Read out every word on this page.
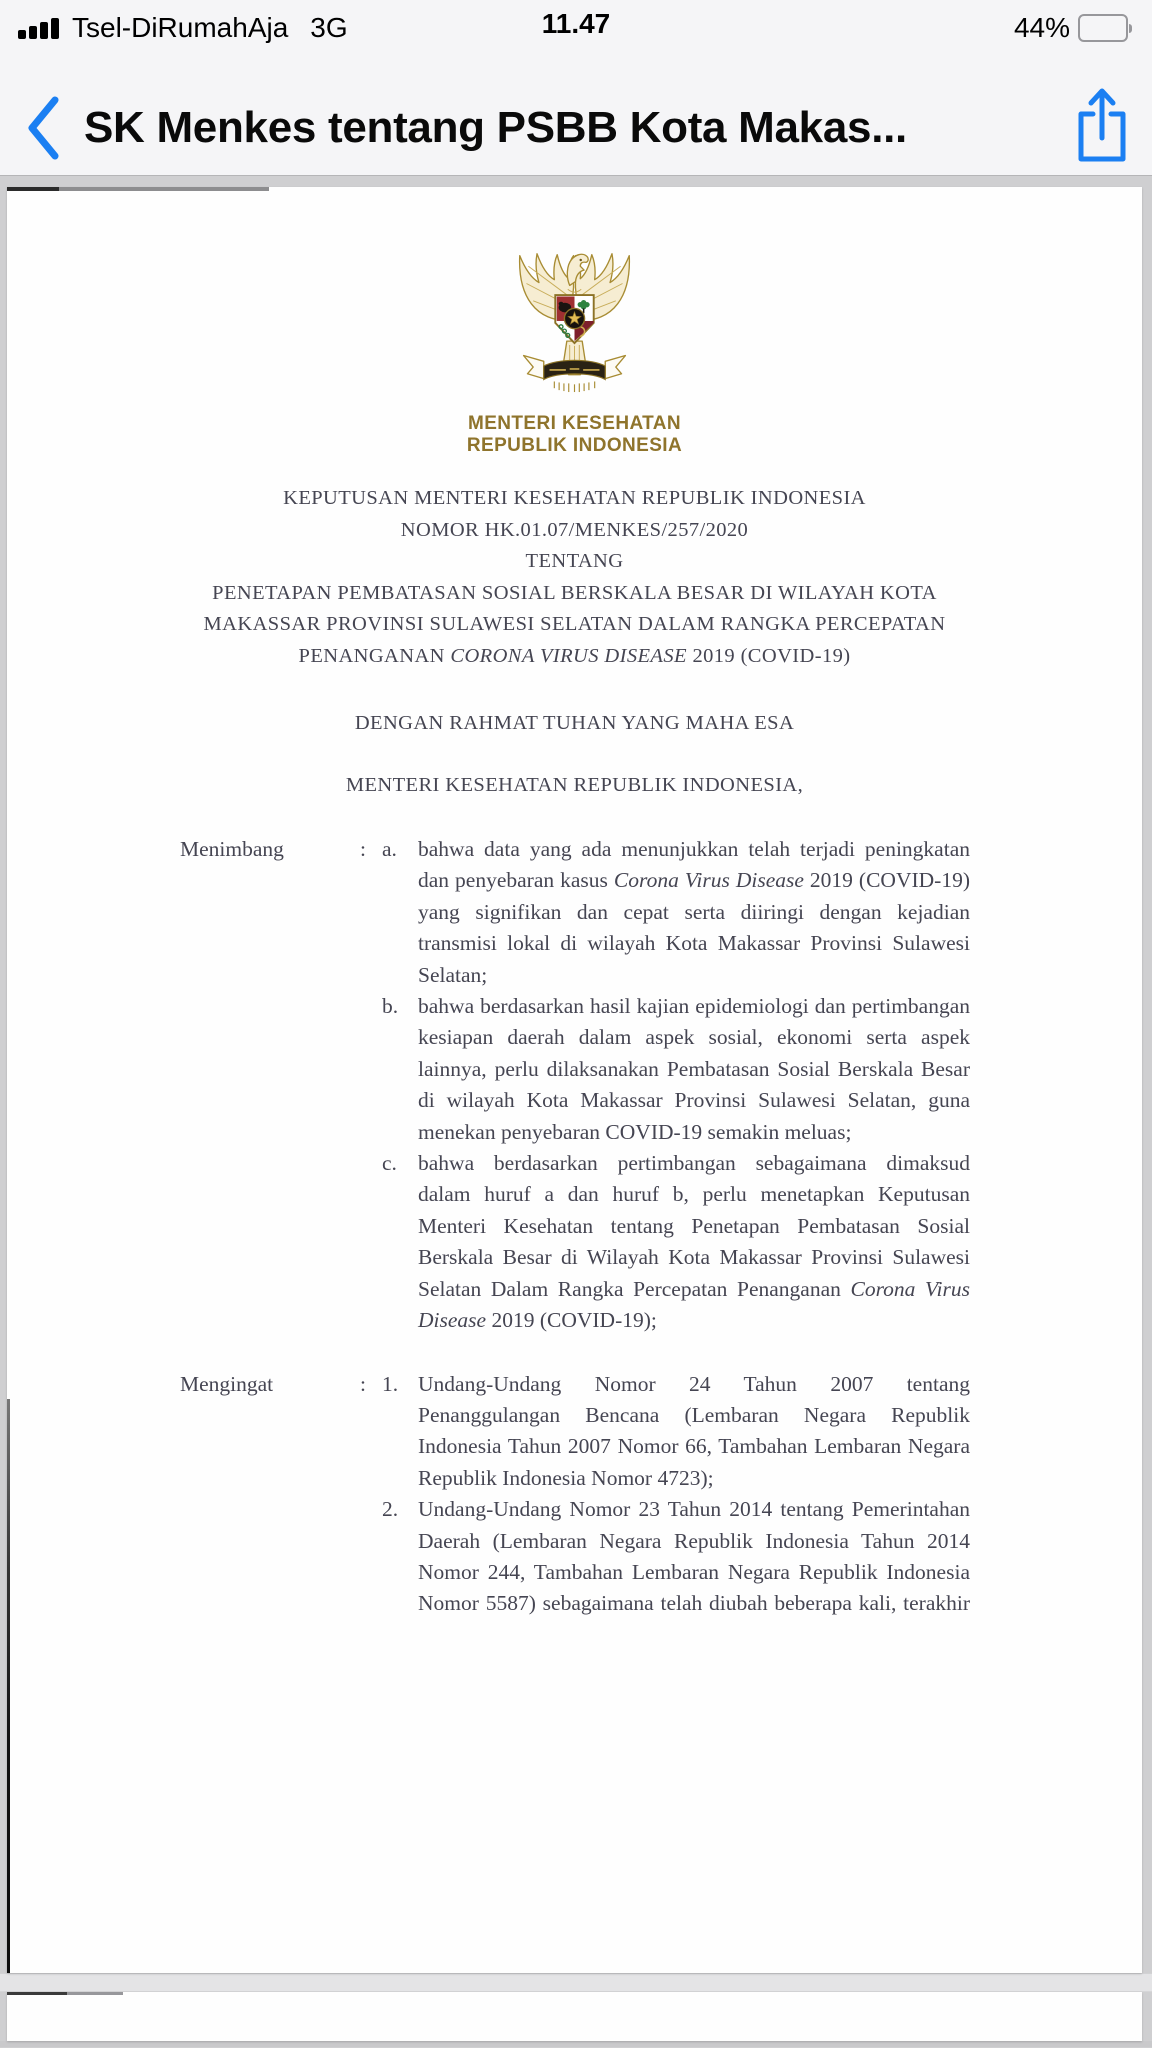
Tsel-DiRumahAja 3G	11.47	44%
SK Menkes tentang PSBB Kota Makas...
MENTERI KESEHATAN
REPUBLIK INDONESIA
KEPUTUSAN MENTERI KESEHATAN REPUBLIK INDONESIA
NOMOR HK.01.07/MENKES/257/2020
TENTANG
PENETAPAN PEMBATASAN SOSIAL BERSKALA BESAR DI WILAYAH KOTA
MAKASSAR PROVINSI SULAWESI SELATAN DALAM RANGKA PERCEPATAN
PENANGANAN CORONA VIRUS DISEASE 2019 (COVID-19)
DENGAN RAHMAT TUHAN YANG MAHA ESA
MENTERI KESEHATAN REPUBLIK INDONESIA,
Menimbang	: a. bahwa data yang ada menunjukkan telah terjadi peningkatan dan penyebaran kasus Corona Virus Disease 2019 (COVID-19) yang signifikan dan cepat serta diiringi dengan kejadian transmisi lokal di wilayah Kota Makassar Provinsi Sulawesi Selatan;
b. bahwa berdasarkan hasil kajian epidemiologi dan pertimbangan kesiapan daerah dalam aspek sosial, ekonomi serta aspek lainnya, perlu dilaksanakan Pembatasan Sosial Berskala Besar di wilayah Kota Makassar Provinsi Sulawesi Selatan, guna menekan penyebaran COVID-19 semakin meluas;
c. bahwa berdasarkan pertimbangan sebagaimana dimaksud dalam huruf a dan huruf b, perlu menetapkan Keputusan Menteri Kesehatan tentang Penetapan Pembatasan Sosial Berskala Besar di Wilayah Kota Makassar Provinsi Sulawesi Selatan Dalam Rangka Percepatan Penanganan Corona Virus Disease 2019 (COVID-19);
Mengingat	: 1. Undang-Undang Nomor 24 Tahun 2007 tentang Penanggulangan Bencana (Lembaran Negara Republik Indonesia Tahun 2007 Nomor 66, Tambahan Lembaran Negara Republik Indonesia Nomor 4723);
2. Undang-Undang Nomor 23 Tahun 2014 tentang Pemerintahan Daerah (Lembaran Negara Republik Indonesia Tahun 2014 Nomor 244, Tambahan Lembaran Negara Republik Indonesia Nomor 5587) sebagaimana telah diubah beberapa kali, terakhir
